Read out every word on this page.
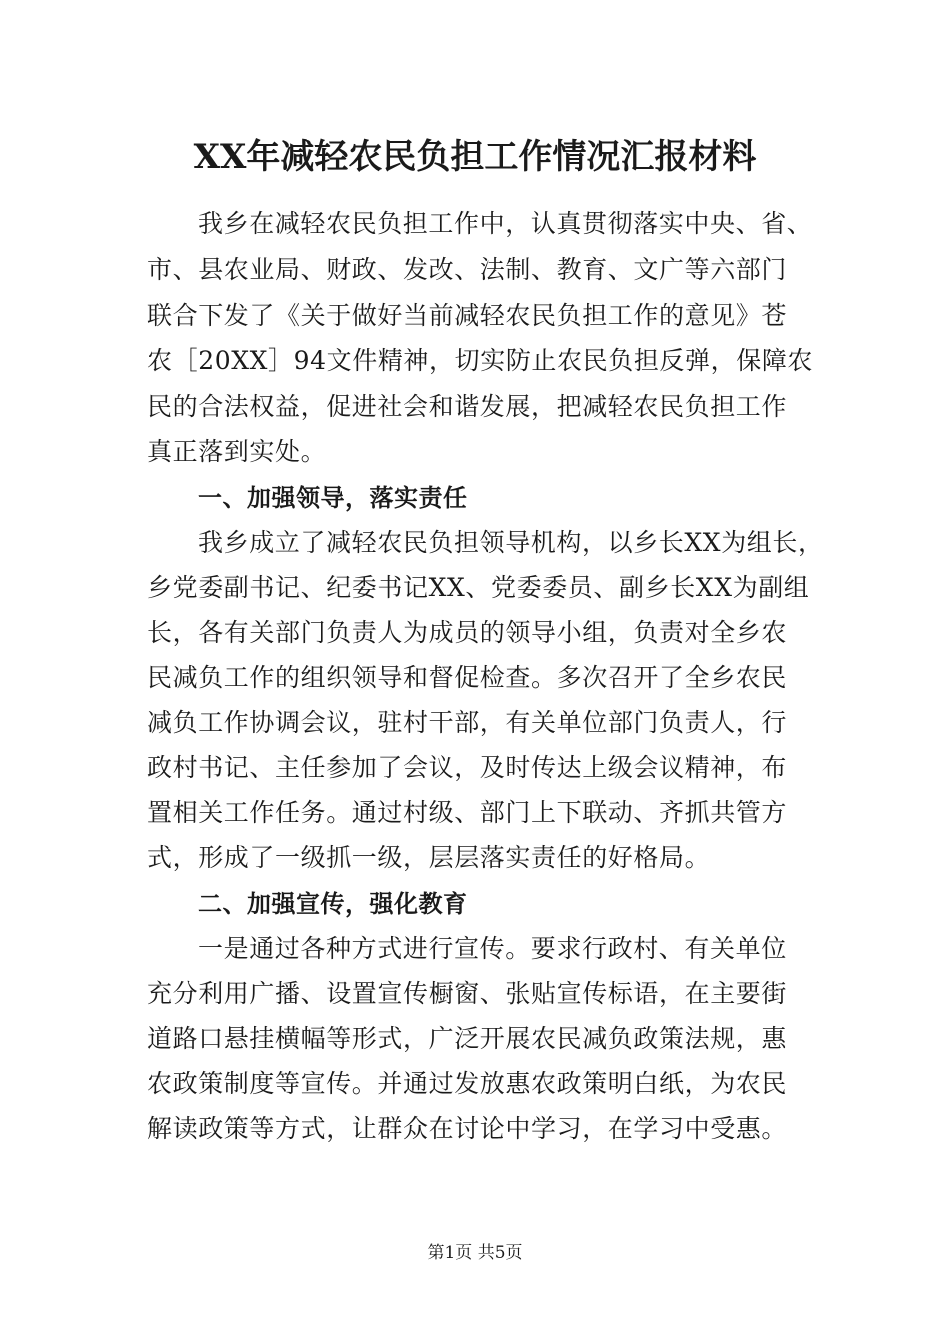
XX年减轻农民负担工作情况汇报材料
我乡在减轻农民负担工作中，认真贯彻落实中央、省、
市、县农业局、财政、发改、法制、教育、文广等六部门
联合下发了《关于做好当前减轻农民负担工作的意见》苍
农［20XX］94文件精神，切实防止农民负担反弹，保障农
民的合法权益，促进社会和谐发展，把减轻农民负担工作
真正落到实处。
一、加强领导，落实责任
我乡成立了减轻农民负担领导机构，以乡长XX为组长，
乡党委副书记、纪委书记XX、党委委员、副乡长XX为副组
长，各有关部门负责人为成员的领导小组，负责对全乡农
民减负工作的组织领导和督促检查。多次召开了全乡农民
减负工作协调会议，驻村干部，有关单位部门负责人，行
政村书记、主任参加了会议，及时传达上级会议精神，布
置相关工作任务。通过村级、部门上下联动、齐抓共管方
式，形成了一级抓一级，层层落实责任的好格局。
二、加强宣传，强化教育
一是通过各种方式进行宣传。要求行政村、有关单位
充分利用广播、设置宣传橱窗、张贴宣传标语，在主要街
道路口悬挂横幅等形式，广泛开展农民减负政策法规，惠
农政策制度等宣传。并通过发放惠农政策明白纸，为农民
解读政策等方式，让群众在讨论中学习，在学习中受惠。
第1页 共5页
